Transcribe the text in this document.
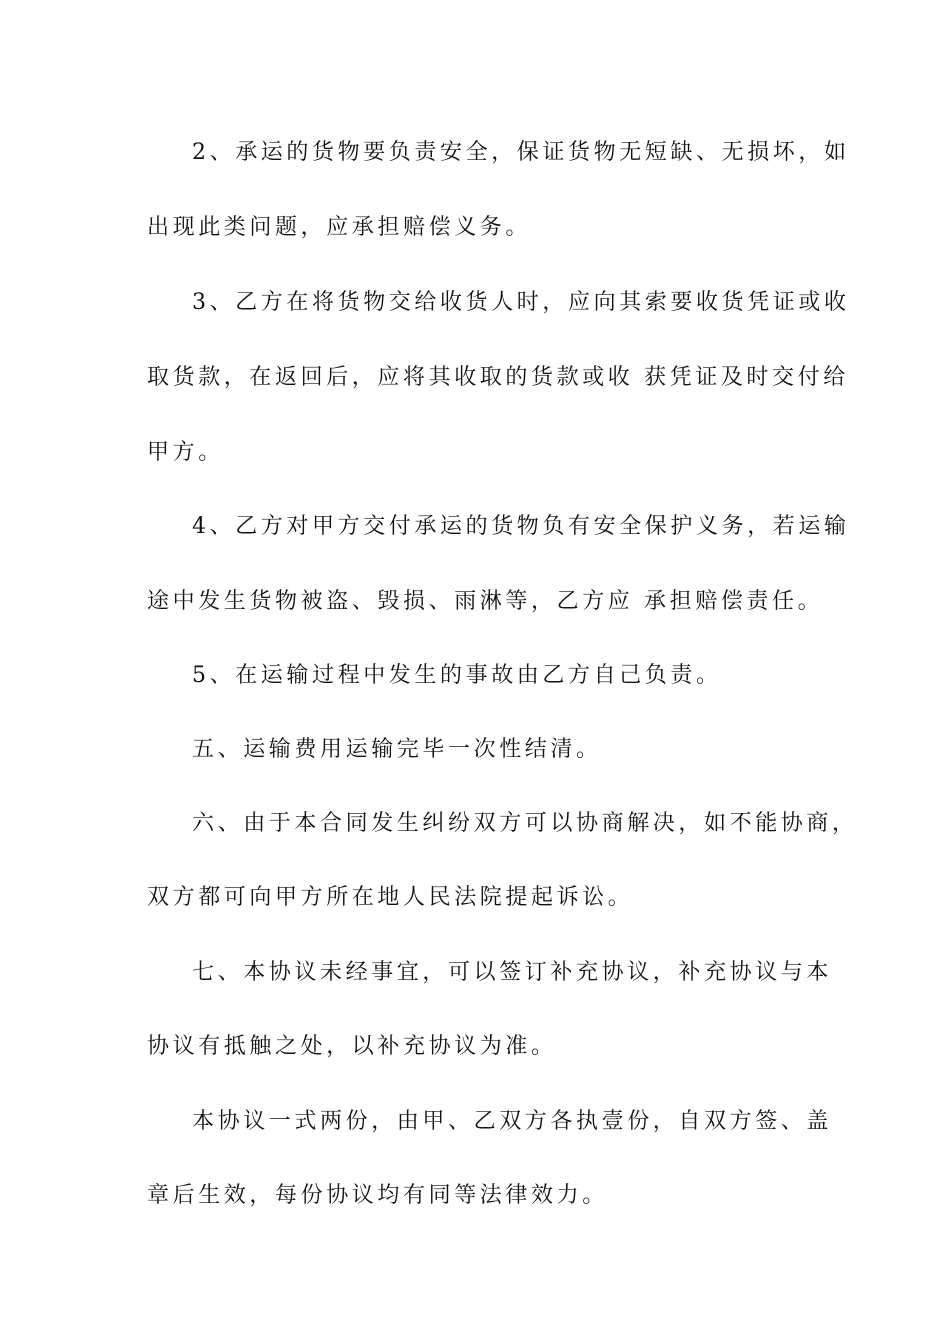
2、承运的货物要负责安全，保证货物无短缺、无损坏，如
出现此类问题，应承担赔偿义务。
3、乙方在将货物交给收货人时，应向其索要收货凭证或收
取货款，在返回后，应将其收取的货款或收 获凭证及时交付给
甲方。
4、乙方对甲方交付承运的货物负有安全保护义务，若运输
途中发生货物被盗、毁损、雨淋等，乙方应 承担赔偿责任。
5、在运输过程中发生的事故由乙方自己负责。
五、运输费用运输完毕一次性结清。
六、由于本合同发生纠纷双方可以协商解决，如不能协商，
双方都可向甲方所在地人民法院提起诉讼。
七、本协议未经事宜，可以签订补充协议，补充协议与本
协议有抵触之处，以补充协议为准。
本协议一式两份，由甲、乙双方各执壹份，自双方签、盖
章后生效，每份协议均有同等法律效力。
